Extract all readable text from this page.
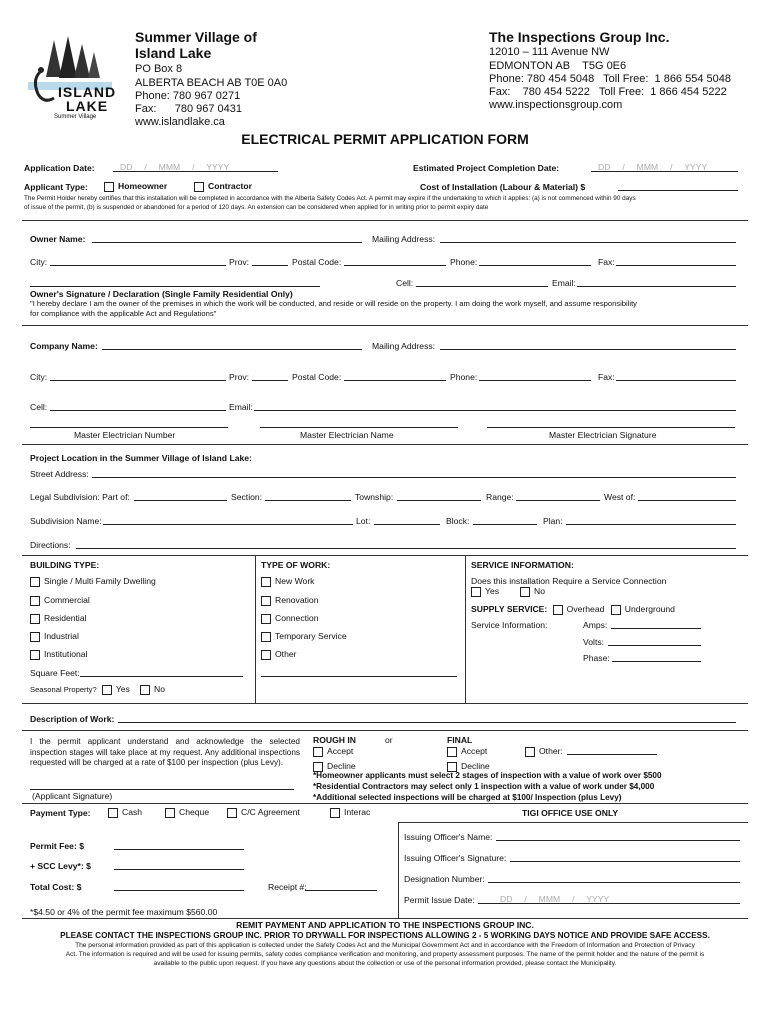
ISLAND
LAKE
Summer Village
Summer Village of
Island Lake
PO Box 8
ALBERTA BEACH AB T0E 0A0
Phone: 780 967 0271
Fax:      780 967 0431
www.islandlake.ca
The Inspections Group Inc.
12010 – 111 Avenue NW
EDMONTON AB    T5G 0E6
Phone: 780 454 5048   Toll Free:  1 866 554 5048
Fax:    780 454 5222   Toll Free:  1 866 454 5222
www.inspectionsgroup.com
ELECTRICAL PERMIT APPLICATION FORM
Application Date:	DD     /     MMM     /     YYYY	Estimated Project Completion Date:	DD     /     MMM     /     YYYY
Applicant Type:	Homeowner	Contractor	Cost of Installation (Labour & Material) $
The Permit Holder hereby certifies that this installation will be completed in accordance with the Alberta Safety Codes Act. A permit may expire if the undertaking to which it applies: (a) is not commenced within 90 days
of issue of the permit, (b) is suspended or abandoned for a period of 120 days. An extension can be considered when applied for in writing prior to permit expiry date
Owner Name:	Mailing Address:
City:	Prov:	Postal Code:	Phone:	Fax:
Cell:	Email:
Owner's Signature / Declaration (Single Family Residential Only)
"I hereby declare I am the owner of the premises in which the work will be conducted, and reside or will reside on the property. I am doing the work myself, and assume responsibility
for compliance with the applicable Act and Regulations"
Company Name:	Mailing Address:
City:	Prov:	Postal Code:	Phone:	Fax:
Cell:	Email:
Master Electrician Number	Master Electrician Name	Master Electrician Signature
Project Location in the Summer Village of Island Lake:
Street Address:
Legal Subdivision: Part of:	Section:	Township:	Range:	West of:
Subdivision Name:	Lot:	Block:	Plan:
Directions:
BUILDING TYPE:
Single / Multi Family Dwelling
Commercial
Residential
Industrial
Institutional
Square Feet:
Seasonal Property? Yes	No
TYPE OF WORK:
New Work
Renovation
Connection
Temporary Service
Other
SERVICE INFORMATION:
Does this installation Require a Service Connection
Yes	No
SUPPLY SERVICE: Overhead Underground
Service Information:	Amps:
Volts:
Phase:
Description of Work:
I the permit applicant understand and acknowledge the selected inspection stages will take place at my request. Any additional inspections requested will be charged at a rate of $100 per inspection (plus Levy).
(Applicant Signature)
ROUGH IN	or	FINAL
Accept
Decline
Accept
Decline
Other:
*Homeowner applicants must select 2 stages of inspection with a value of work over $500
*Residential Contractors may select only 1 inspection with a value of work under $4,000
*Additional selected inspections will be charged at $100/ Inspection (plus Levy)
Payment Type:	Cash	Cheque	C/C Agreement	Interac	TIGI OFFICE USE ONLY
Permit Fee: $
+ SCC Levy*: $
Total Cost: $	Receipt #:
*$4.50 or 4% of the permit fee maximum $560.00
Issuing Officer's Name:
Issuing Officer's Signature:
Designation Number:
Permit Issue Date:	DD     /     MMM     /     YYYY
REMIT PAYMENT AND APPLICATION TO THE INSPECTIONS GROUP INC.
PLEASE CONTACT THE INSPECTIONS GROUP INC. PRIOR TO DRYWALL FOR INSPECTIONS ALLOWING 2 - 5 WORKING DAYS NOTICE AND PROVIDE SAFE ACCESS.
The personal information provided as part of this application is collected under the Safety Codes Act and the Municipal Government Act and in accordance with the Freedom of Information and Protection of Privacy
Act. The information is required and will be used for issuing permits, safety codes compliance verification and monitoring, and property assessment purposes. The name of the permit holder and the nature of the permit is
available to the public upon request. If you have any questions about the collection or use of the personal information provided, please contact the Municipality.
